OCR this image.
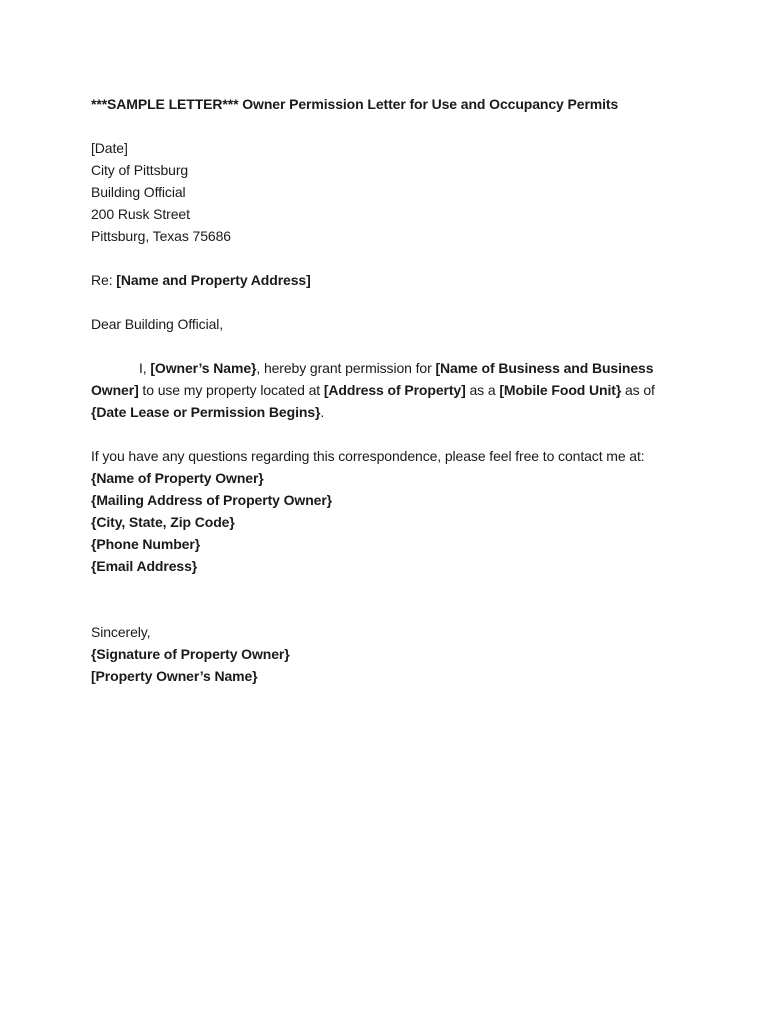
***SAMPLE LETTER*** Owner Permission Letter for Use and Occupancy Permits
[Date]
City of Pittsburg
Building Official
200 Rusk Street
Pittsburg, Texas 75686
Re: [Name and Property Address]
Dear Building Official,
I, [Owner’s Name}, hereby grant permission for [Name of Business and Business
Owner] to use my property located at [Address of Property] as a [Mobile Food Unit} as of
{Date Lease or Permission Begins}.
If you have any questions regarding this correspondence, please feel free to contact me at:
{Name of Property Owner}
{Mailing Address of Property Owner}
{City, State, Zip Code}
{Phone Number}
{Email Address}
Sincerely,
{Signature of Property Owner}
[Property Owner’s Name}
